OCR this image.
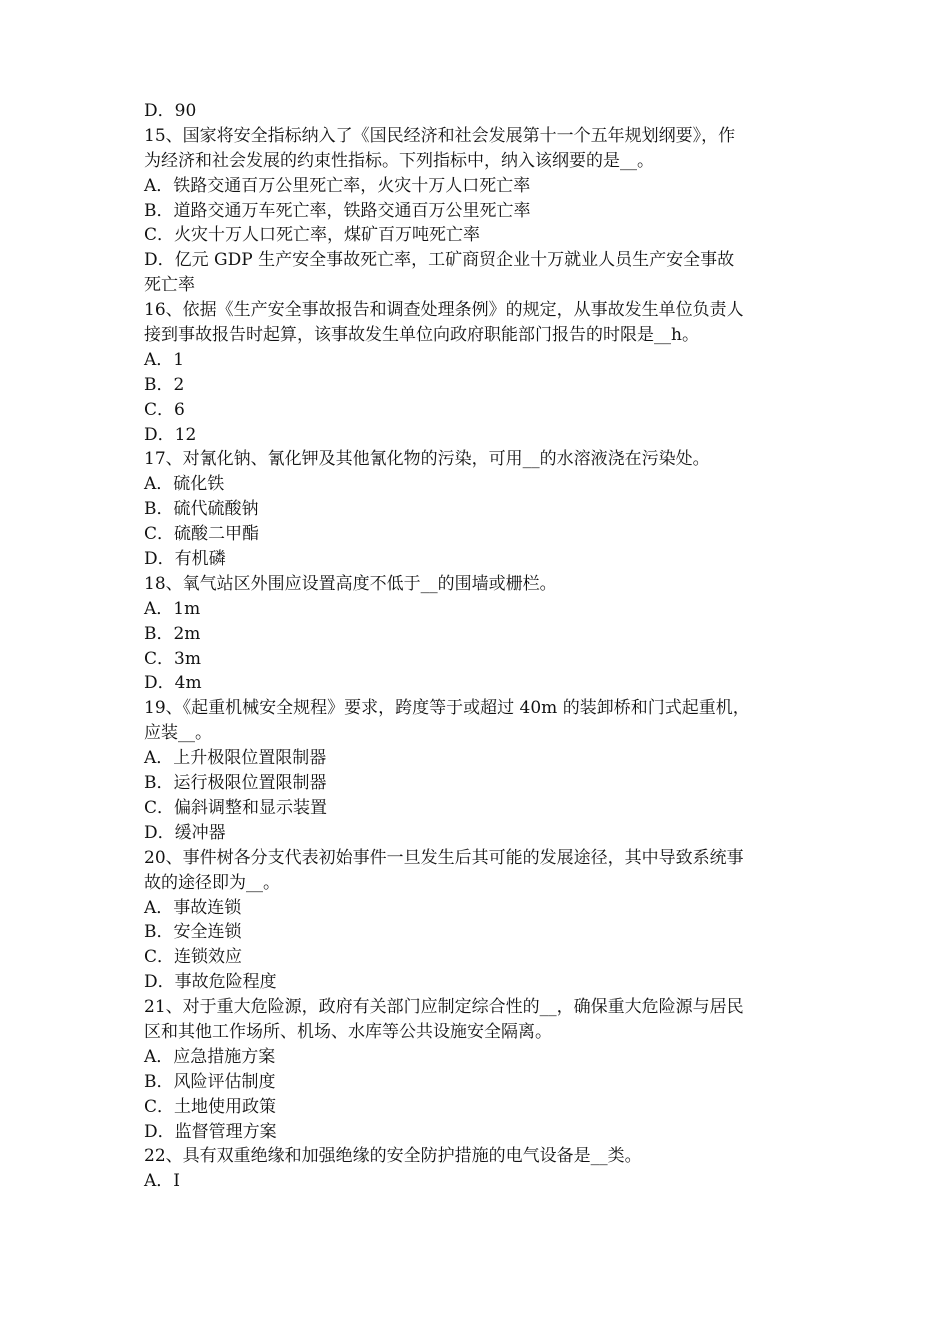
D．90
15、国家将安全指标纳入了《国民经济和社会发展第十一个五年规划纲要》，作
为经济和社会发展的约束性指标。下列指标中，纳入该纲要的是__。
A．铁路交通百万公里死亡率，火灾十万人口死亡率
B．道路交通万车死亡率，铁路交通百万公里死亡率
C．火灾十万人口死亡率，煤矿百万吨死亡率
D．亿元 GDP 生产安全事故死亡率，工矿商贸企业十万就业人员生产安全事故
死亡率
16、依据《生产安全事故报告和调查处理条例》的规定，从事故发生单位负责人
接到事故报告时起算，该事故发生单位向政府职能部门报告的时限是__h。
A．1
B．2
C．6
D．12
17、对氰化钠、氰化钾及其他氰化物的污染，可用__的水溶液浇在污染处。
A．硫化铁
B．硫代硫酸钠
C．硫酸二甲酯
D．有机磷
18、氧气站区外围应设置高度不低于__的围墙或栅栏。
A．1m
B．2m
C．3m
D．4m
19、《起重机械安全规程》要求，跨度等于或超过 40m 的装卸桥和门式起重机，
应装__。
A．上升极限位置限制器
B．运行极限位置限制器
C．偏斜调整和显示装置
D．缓冲器
20、事件树各分支代表初始事件一旦发生后其可能的发展途径，其中导致系统事
故的途径即为__。
A．事故连锁
B．安全连锁
C．连锁效应
D．事故危险程度
21、对于重大危险源，政府有关部门应制定综合性的__，确保重大危险源与居民
区和其他工作场所、机场、水库等公共设施安全隔离。
A．应急措施方案
B．风险评估制度
C．土地使用政策
D．监督管理方案
22、具有双重绝缘和加强绝缘的安全防护措施的电气设备是__类。
A．Ⅰ
